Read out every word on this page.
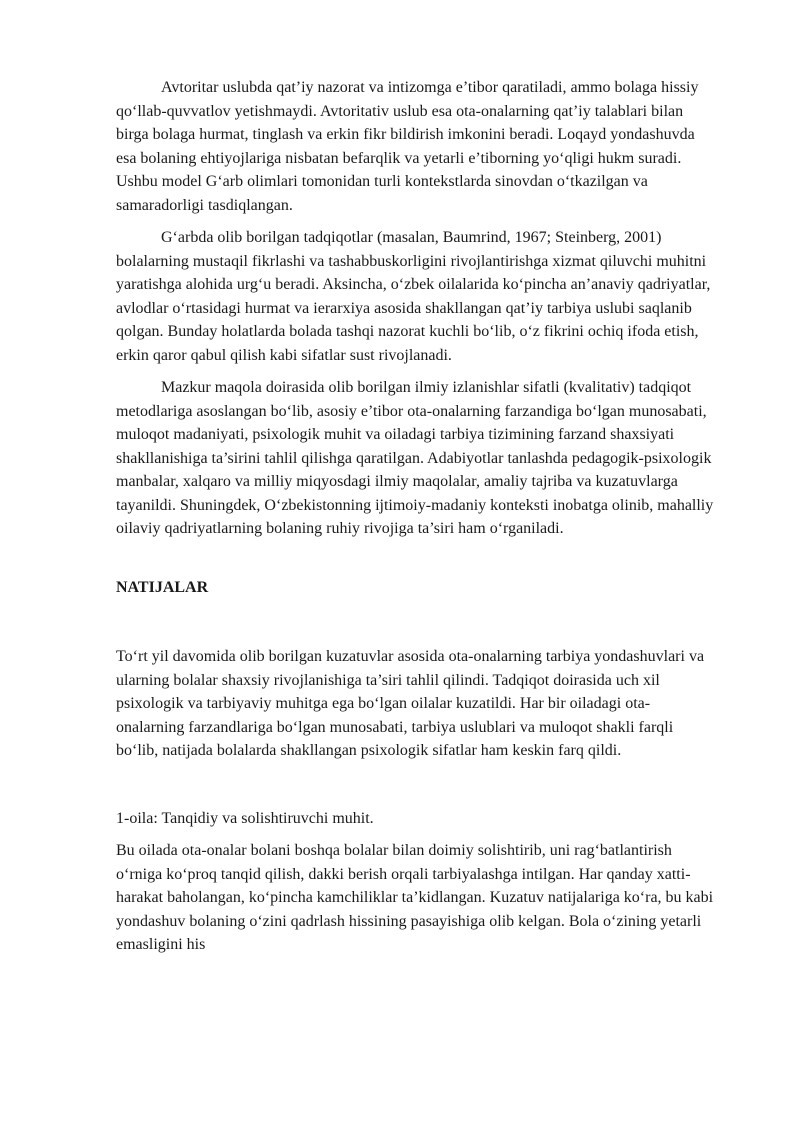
Avtoritar uslubda qat’iy nazorat va intizomga e’tibor qaratiladi, ammo bolaga hissiy qo‘llab-quvvatlov yetishmaydi. Avtoritativ uslub esa ota-onalarning qat’iy talablari bilan birga bolaga hurmat, tinglash va erkin fikr bildirish imkonini beradi. Loqayd yondashuvda esa bolaning ehtiyojlariga nisbatan befarqlik va yetarli e’tiborning yo‘qligi hukm suradi. Ushbu model G‘arb olimlari tomonidan turli kontekstlarda sinovdan o‘tkazilgan va samaradorligi tasdiqlangan.

G‘arbda olib borilgan tadqiqotlar (masalan, Baumrind, 1967; Steinberg, 2001) bolalarning mustaqil fikrlashi va tashabbuskorligini rivojlantirishga xizmat qiluvchi muhitni yaratishga alohida urg‘u beradi. Aksincha, o‘zbek oilalarida ko‘pincha an’anaviy qadriyatlar, avlodlar o‘rtasidagi hurmat va ierarxiya asosida shakllangan qat’iy tarbiya uslubi saqlanib qolgan. Bunday holatlarda bolada tashqi nazorat kuchli bo‘lib, o‘z fikrini ochiq ifoda etish, erkin qaror qabul qilish kabi sifatlar sust rivojlanadi.

Mazkur maqola doirasida olib borilgan ilmiy izlanishlar sifatli (kvalitativ) tadqiqot metodlariga asoslangan bo‘lib, asosiy e’tibor ota-onalarning farzandiga bo‘lgan munosabati, muloqot madaniyati, psixologik muhit va oiladagi tarbiya tizimining farzand shaxsiyati shakllanishiga ta’sirini tahlil qilishga qaratilgan. Adabiyotlar tanlashda pedagogik-psixologik manbalar, xalqaro va milliy miqyosdagi ilmiy maqolalar, amaliy tajriba va kuzatuvlarga tayanildi. Shuningdek, O‘zbekistonning ijtimoiy-madaniy konteksti inobatga olinib, mahalliy oilaviy qadriyatlarning bolaning ruhiy rivojiga ta’siri ham o‘rganiladi.

NATIJALAR

To‘rt yil davomida olib borilgan kuzatuvlar asosida ota-onalarning tarbiya yondashuvlari va ularning bolalar shaxsiy rivojlanishiga ta’siri tahlil qilindi. Tadqiqot doirasida uch xil psixologik va tarbiyaviy muhitga ega bo‘lgan oilalar kuzatildi. Har bir oiladagi ota-onalarning farzandlariga bo‘lgan munosabati, tarbiya uslublari va muloqot shakli farqli bo‘lib, natijada bolalarda shakllangan psixologik sifatlar ham keskin farq qildi.

1-oila: Tanqidiy va solishtiruvchi muhit.

Bu oilada ota-onalar bolani boshqa bolalar bilan doimiy solishtirib, uni rag‘batlantirish o‘rniga ko‘proq tanqid qilish, dakki berish orqali tarbiyalashga intilgan. Har qanday xatti-harakat baholangan, ko‘pincha kamchiliklar ta’kidlangan. Kuzatuv natijalariga ko‘ra, bu kabi yondashuv bolaning o‘zini qadrlash hissining pasayishiga olib kelgan. Bola o‘zining yetarli emasligini his
